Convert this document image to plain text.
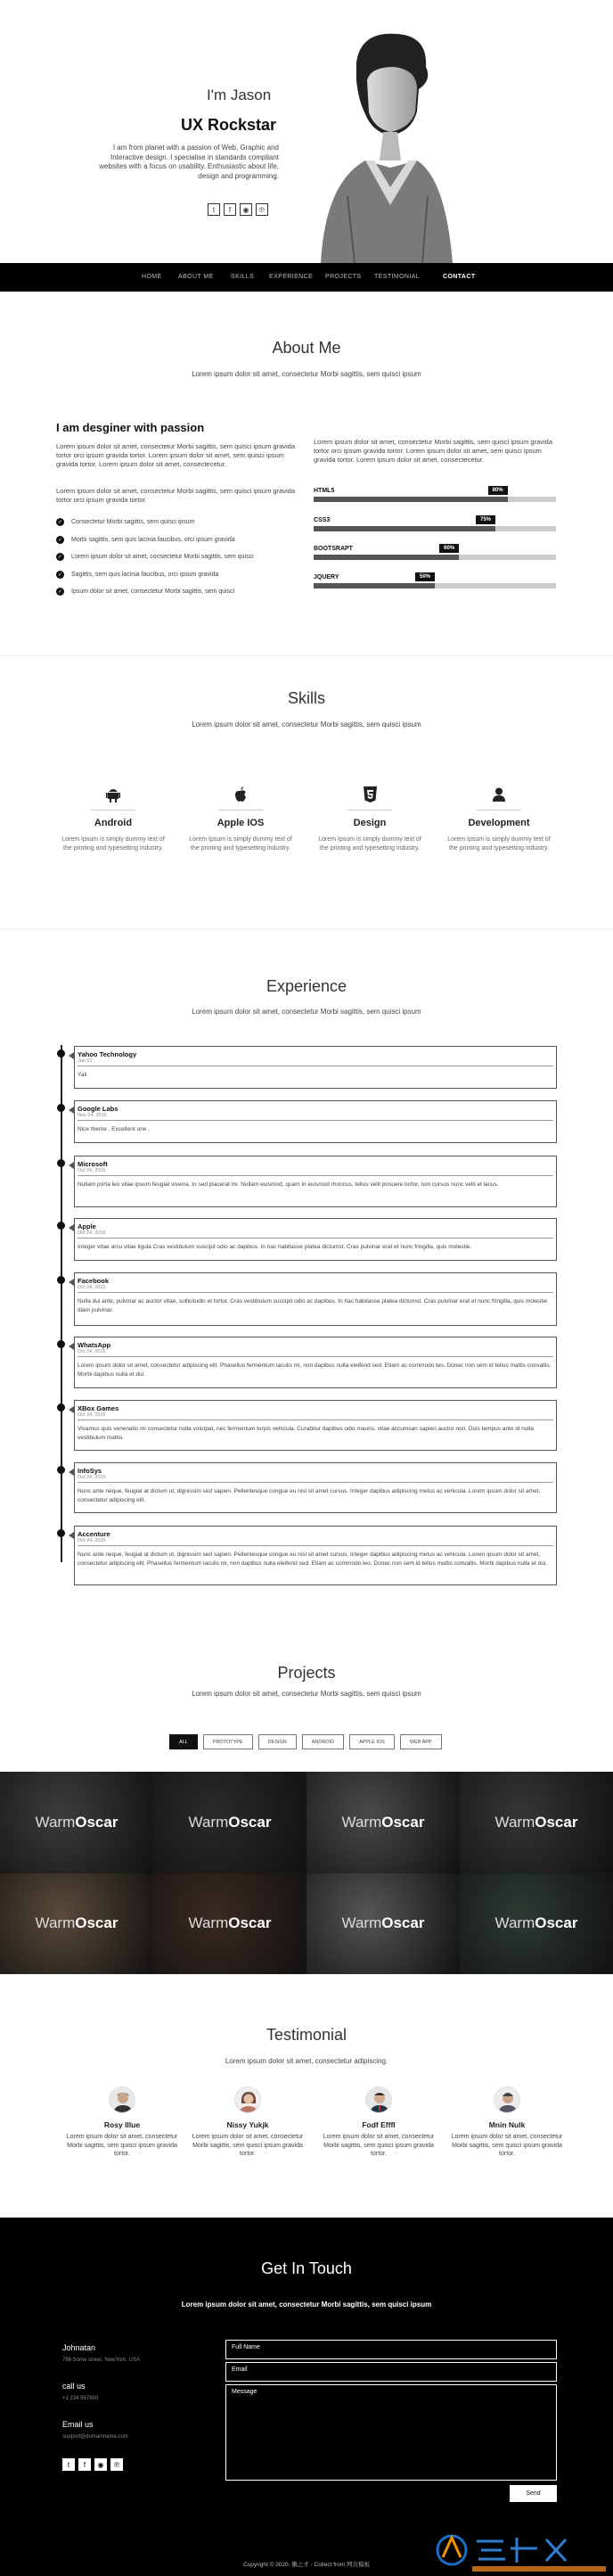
I'm Jason
UX Rockstar
I am from planet with a passion of Web, Graphic and Interactive design. I specialise in standards compliant websites with a focus on usability. Enthusiastic about life, design and programming.
t	f	◉	℗
HOME	ABOUT ME	SKILLS EXPERIENCE PROJECTS TESTIMONIAL	CONTACT
About Me
Lorem ipsum dolor sit amet, consectetur Morbi sagittis, sem quisci ipsum
I am desginer with passion
Lorem ipsum dolor sit amet, consectetur Morbi sagittis, sem quisci ipsum gravida tortor orci ipsum gravida tortor. Lorem ipsum dolor sit amet, sem quisci ipsum gravida tortor. Lorem ipsum dolor sit amet, consectecetur.
Lorem ipsum dolor sit amet, consectetur Morbi sagittis, sem quisci ipsum gravida tortor orci ipsum gravida tortor.
Lorem ipsum dolor sit amet, consectetur Morbi sagittis, sem quisci ipsum gravida tortor orci ipsum gravida tortor. Lorem ipsum dolor sit amet, sem quisci ipsum gravida tortor. Lorem ipsum dolor sit amet, consectecetur.
✓ Consectetur Morbi sagittis, sem quisci ipsum
✓ Morbi sagittis, sem quis lacinia faucibus, orci ipsum gravida
✓ Lorem ipsum dolor sit amet, consectetur Morbi sagittis, sem quisci
✓ Sagittis, sem quis lacinia faucibus, orci ipsum gravida
✓ Ipsum dolor sit amet, consectetur Morbi sagittis, sem quisci
HTML5	80%
CSS3	75%
BOOTSRAPT	60%
JQUERY	50%
Skills
Lorem ipsum dolor sit amet, consectetur Morbi sagittis, sem quisci ipsum
Android
Lorem Ipsum is simply dummy text of the printing and typesetting industry.
Apple IOS
Lorem Ipsum is simply dummy text of the printing and typesetting industry.
Design
Lorem Ipsum is simply dummy text of the printing and typesetting industry.
Development
Lorem Ipsum is simply dummy text of the printing and typesetting industry.
Experience
Lorem ipsum dolor sit amet, consectetur Morbi sagittis, sem quisci ipsum
Yahoo Technology
Jan 01
Yali
Google Labs
Nov 24, 2015
Nice theme , Excellent one .
Microsoft
Oct 24, 2015
Nullam porta leo vitae ipsum feugiat viverra. In sed placerat mi. Nullam euismod, quam in euismod rhoncus, tellus velit posuere tortor, non cursus nunc velit et lacus.
Apple
Oct 24, 2015
Integer vitae arcu vitae ligula Cras vestibulum suscipit odio ac dapibus. In hac habitasse platea dictumst. Cras pulvinar erat et nunc fringilla, quis molestie.
Facebook
Oct 24, 2015
Nulla dui ante, pulvinar ac auctor vitae, sollicitudin et tortor. Cras vestibulum suscipit odio ac dapibus. In hac habitasse platea dictumst. Cras pulvinar erat et nunc fringilla, quis molestie diam pulvinar.
WhatsApp
Oct 24, 2015
Lorem ipsum dolor sit amet, consectetur adipiscing elit. Phasellus fermentum iaculis mi, non dapibus nulla eleifend sed. Etiam ac commodo leo. Donec non sem id tellus mattis convallis. Morbi dapibus nulla et dui.
XBox Games
Oct 24, 2015
Vivamus quis venenatis mi consectetur nulla volutpat, nec fermentum turpis vehicula. Curabitur dapibus odio mauris, vitae accumsan sapien auctor non. Duis tempus ante id nulla vestibulum mattis.
InfoSys
Oct 24, 2015
Nunc ante neque, feugiat at dictum ut, dignissim sed sapien. Pellentesque congue eu nisl sit amet cursus. Integer dapibus adipiscing metus ac vehicula. Lorem ipsum dolor sit amet, consectetur adipiscing elit.
Accenture
Oct 24, 2015
Nunc ante neque, feugiat at dictum ut, dignissim sed sapien. Pellentesque congue eu nisl sit amet cursus. Integer dapibus adipiscing metus ac vehicula. Lorem ipsum dolor sit amet, consectetur adipiscing elit. Phasellus fermentum iaculis mi, non dapibus nulla eleifend sed. Etiam ac commodo leo. Donec non sem id tellus mattis convallis. Morbi dapibus nulla et dui.
Projects
Lorem ipsum dolor sit amet, consectetur Morbi sagittis, sem quisci ipsum
ALL	PROTOTYPE	DESIGN	ANDROID	APPLE IOS	WEB APP
Warm Oscar	Warm Oscar	Warm Oscar	Warm Oscar
Warm Oscar	Warm Oscar	Warm Oscar	Warm Oscar
Testimonial
Lorem ipsum dolor sit amet, consectetur adipiscing.
Rosy Illue
Lorem ipsum dolor sit amet, consectetur Morbi sagittis, sem quisci ipsum gravida tortor.
Nissy Yukjk
Lorem ipsum dolor sit amet, consectetur Morbi sagittis, sem quisci ipsum gravida tortor.
Fodf Efffl
Lorem ipsum dolor sit amet, consectetur Morbi sagittis, sem quisci ipsum gravida tortor.
Mnin Nulk
Lorem ipsum dolor sit amet, consectetur Morbi sagittis, sem quisci ipsum gravida tortor.
Get In Touch
Lorem ipsum dolor sit amet, consectetur Morbi sagittis, sem quisci ipsum
Johnatan
786 Some street, NewYork, USA
call us
+1 234 567890
Email us
support@domainname.com
t	f	◉	℗
Full Name
Email
Message
Send
Copyright © 2020. 懒之才 - Collect from 网页模板
